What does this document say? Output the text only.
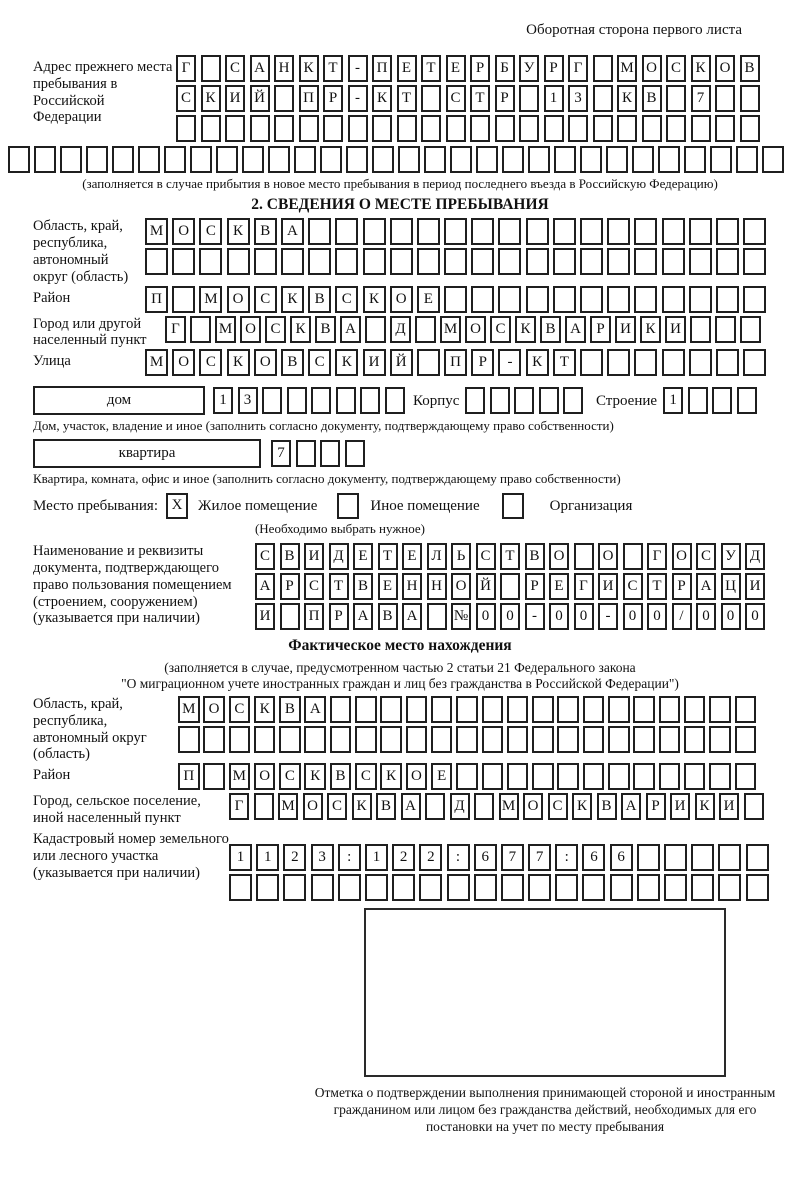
Оборотная сторона первого листа
Адрес прежнего места пребывания в Российской Федерации
Г	С А Н К Т	-	П Е	Т	Е	Р	Б У	Р	Г	М О С К О В
С К И Й	П Р	-	К Т	С Т	Р	1	3	К В	7
(заполняется в случае прибытия в новое место пребывания в период последнего въезда в Российскую Федерацию)
2. СВЕДЕНИЯ О МЕСТЕ ПРЕБЫВАНИЯ
Область, край, республика, автономный округ (область)
М	О	С	К	В	А
Район	П	М	О	С	К	В	С	К	О	Е
Город или другой населенный пункт
Г	М О С К В А	Д	М О С К В А	Р	И К И
Улица	М	О	С	К	О	В	С	К	И	Й	П	Р	-	К	Т
дом	1	3	Корпус	Строение 1
Дом, участок, владение и иное (заполнить согласно документу, подтверждающему право собственности)
квартира	7
Квартира, комната, офис и иное (заполнить согласно документу, подтверждающему право собственности)
Место пребывания: X	Жилое помещение	Иное помещение	Организация
(Необходимо выбрать нужное)
Наименование и реквизиты документа, подтверждающего право пользования помещением (строением, сооружением) (указывается при наличии)
С В И Д Е	Т	Е Л	Ь	С Т В О	О	Г О С У Д
А Р	С Т В Е Н Н О Й	Р	Е	Г И С Т	Р А Ц И
И	П Р А В А	№ 0	0	-	0	0	-	0	0	/	0	0	0
Фактическое место нахождения
(заполняется в случае, предусмотренном частью 2 статьи 21 Федерального закона
"О миграционном учете иностранных граждан и лиц без гражданства в Российской Федерации")
Область, край, республика, автономный округ (область)
М О С	К	В А
Район	П	М О С	К	В	С	К О	Е
Город, сельское поселение, иной населенный пункт
Г	М О С К В А	Д	М О С К В А Р И К И
Кадастровый номер земельного или лесного участка (указывается при наличии)
1	1	2	3	:	1	2	2	:	6	7	7	:	6	6
Отметка о подтверждении выполнения принимающей стороной и иностранным гражданином или лицом без гражданства действий, необходимых для его постановки на учет по месту пребывания
